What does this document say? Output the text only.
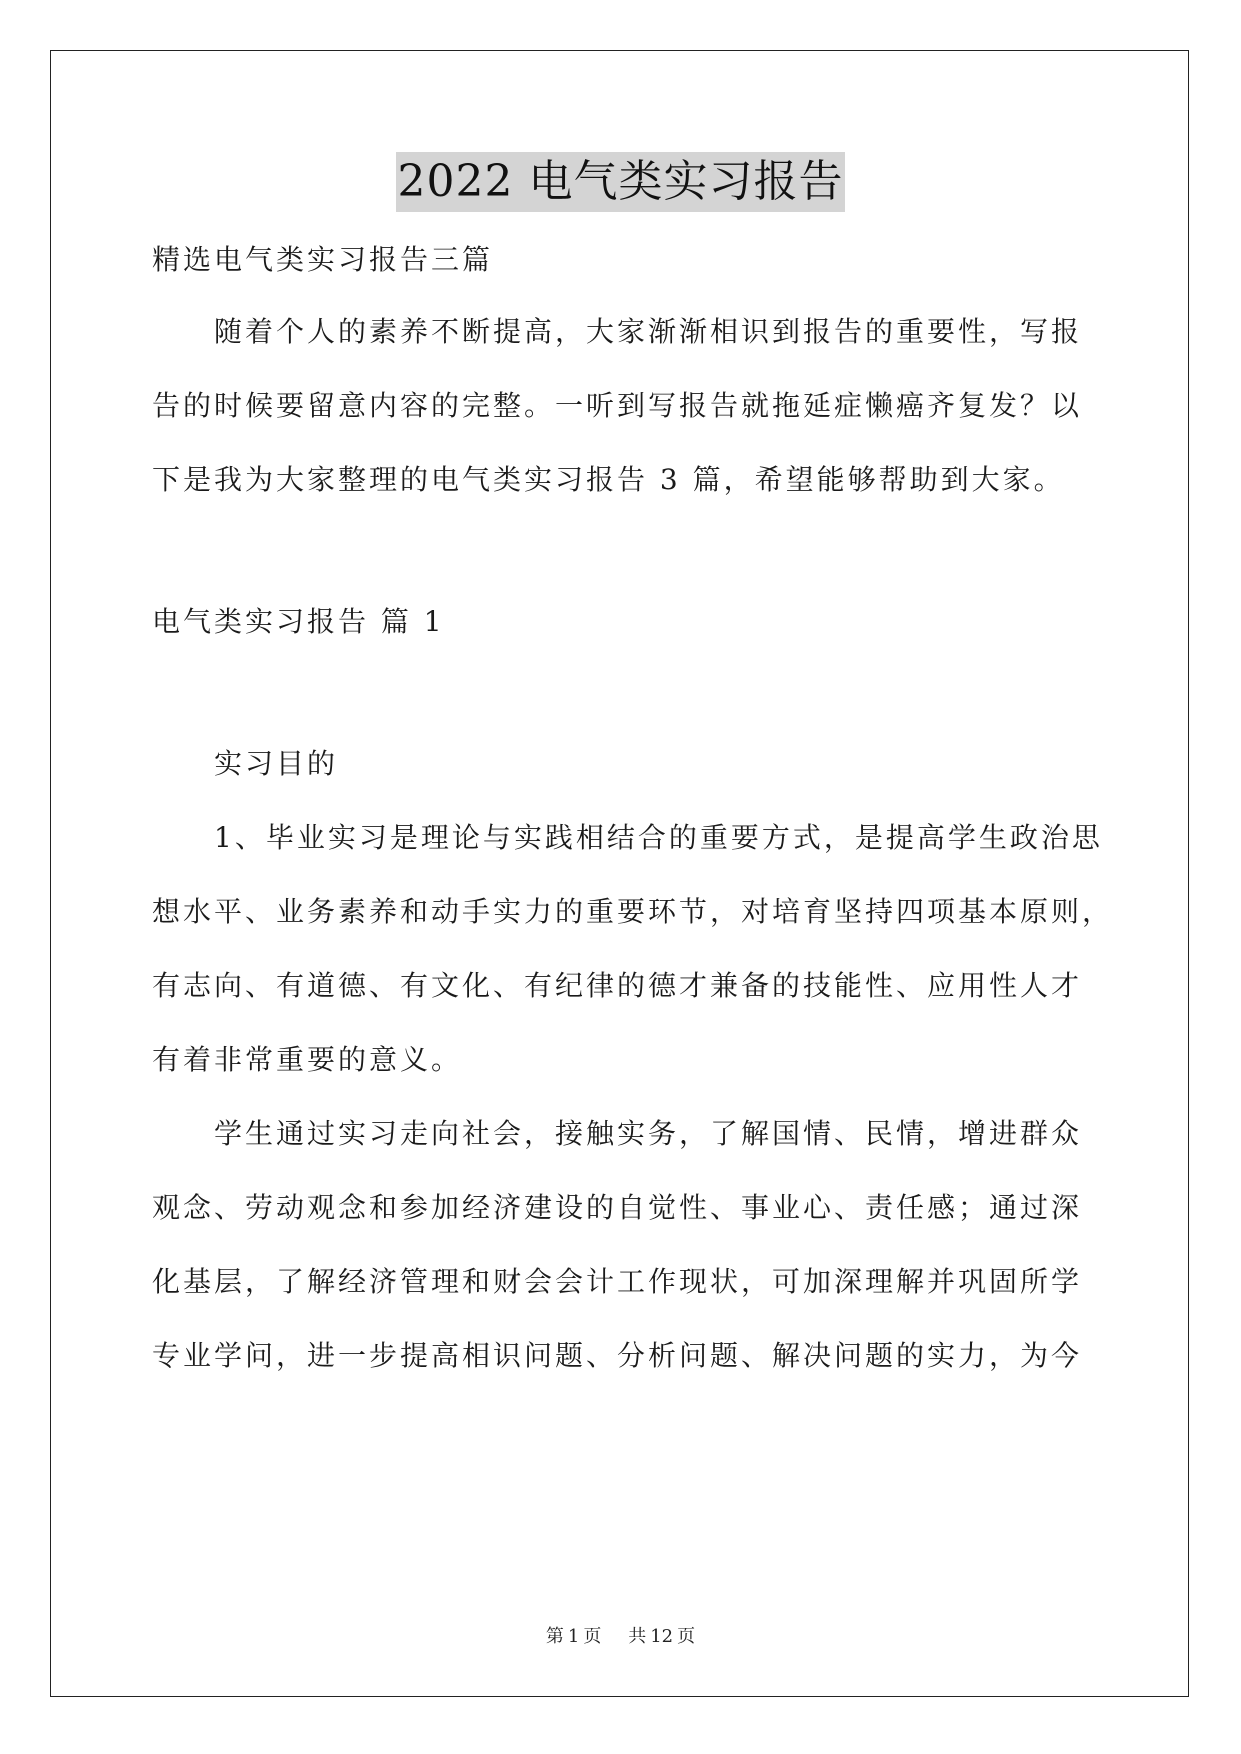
2022 电气类实习报告
精选电气类实习报告三篇
随着个人的素养不断提高，大家渐渐相识到报告的重要性，写报
告的时候要留意内容的完整。一听到写报告就拖延症懒癌齐复发？以
下是我为大家整理的电气类实习报告 3 篇，希望能够帮助到大家。
电气类实习报告 篇 1
实习目的
1、毕业实习是理论与实践相结合的重要方式，是提高学生政治思
想水平、业务素养和动手实力的重要环节，对培育坚持四项基本原则，
有志向、有道德、有文化、有纪律的德才兼备的技能性、应用性人才
有着非常重要的意义。
学生通过实习走向社会，接触实务，了解国情、民情，增进群众
观念、劳动观念和参加经济建设的自觉性、事业心、责任感；通过深
化基层，了解经济管理和财会会计工作现状，可加深理解并巩固所学
专业学问，进一步提高相识问题、分析问题、解决问题的实力，为今
第 1 页 共 12 页
